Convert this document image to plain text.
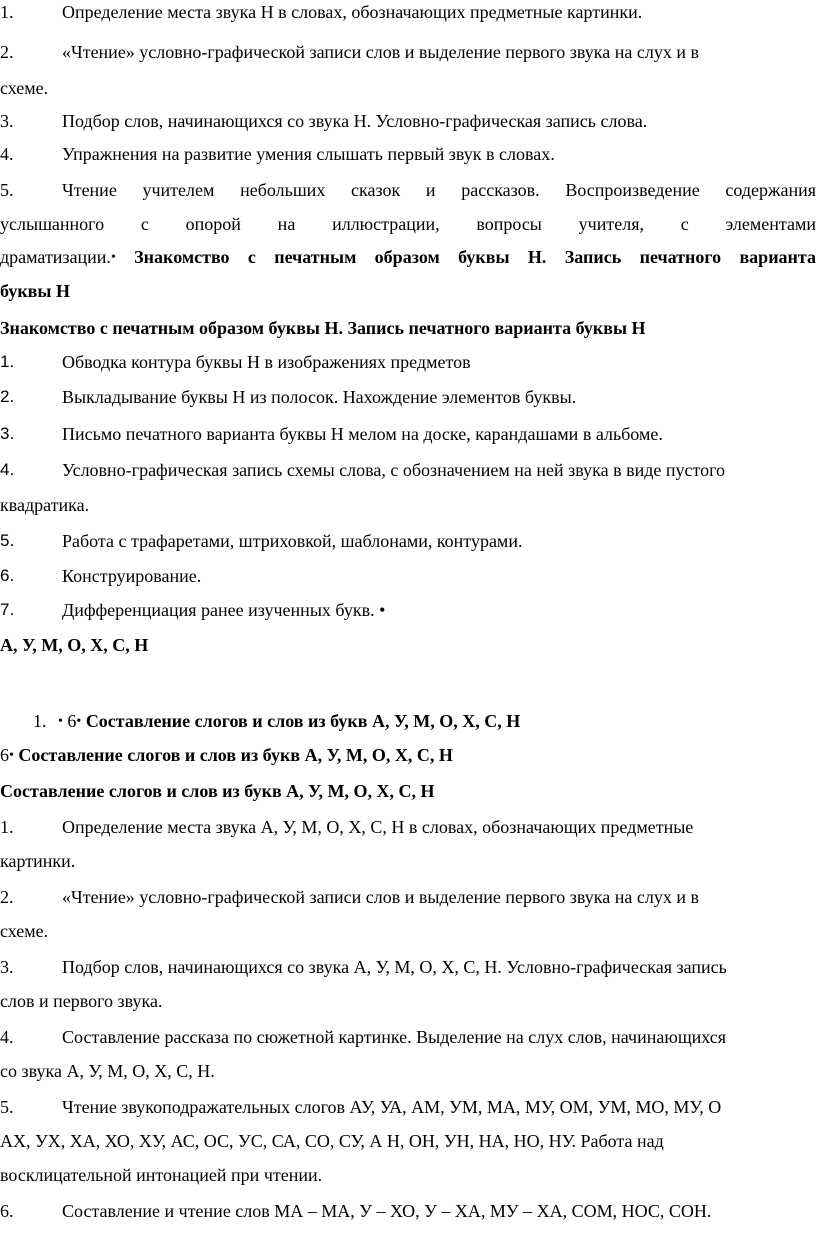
1.	Определение места звука Н в словах, обозначающих предметные картинки.
2.	«Чтение» условно-графической записи слов и выделение первого звука на слух и в
схеме.
3.	Подбор слов, начинающихся со звука Н. Условно-графическая запись слова.
4.	Упражнения на развитие умения слышать первый звук в словах.
5.	Чтение учителем небольших сказок и рассказов. Воспроизведение содержания
услышанного с опорой на иллюстрации, вопросы учителя, с элементами
драматизации.• Знакомство с печатным образом буквы Н. Запись печатного варианта
буквы Н
Знакомство с печатным образом буквы Н. Запись печатного варианта буквы Н
1.	Обводка контура буквы Н в изображениях предметов
2.	Выкладывание буквы Н из полосок. Нахождение элементов буквы.
3.	Письмо печатного варианта буквы Н мелом на доске, карандашами в альбоме.
4.	Условно-графическая запись схемы слова, с обозначением на ней звука в виде пустого
квадратика.
5.	Работа с трафаретами, штриховкой, шаблонами, контурами.
6.	Конструирование.
7.	Дифференциация ранее изученных букв. •
А, У, М, О, Х, С, Н
1. • 6• Составление слогов и слов из букв А, У, М, О, Х, С, Н
6• Составление слогов и слов из букв А, У, М, О, Х, С, Н
Составление слогов и слов из букв А, У, М, О, Х, С, Н
1.	Определение места звука А, У, М, О, Х, С, Н в словах, обозначающих предметные
картинки.
2.	«Чтение» условно-графической записи слов и выделение первого звука на слух и в
схеме.
3.	Подбор слов, начинающихся со звука А, У, М, О, Х, С, Н. Условно-графическая запись
слов и первого звука.
4.	Составление рассказа по сюжетной картинке. Выделение на слух слов, начинающихся
со звука А, У, М, О, Х, С, Н.
5.	Чтение звукоподражательных слогов АУ, УА, АМ, УМ, МА, МУ, ОМ, УМ, МО, МУ, О
АХ, УХ, ХА, ХО, ХУ, АС, ОС, УС, СА, СО, СУ, А Н, ОН, УН, НА, НО, НУ. Работа над
восклицательной интонацией при чтении.
6.	Составление и чтение слов МА – МА, У – ХО, У – ХА, МУ – ХА, СОМ, НОС, СОН.
